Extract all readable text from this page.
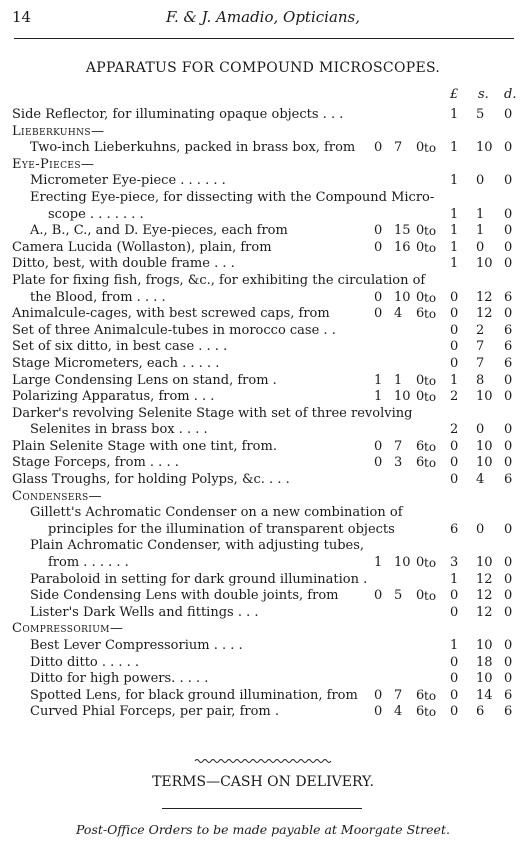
14	F. & J. Amadio, Opticians,
APPARATUS FOR COMPOUND MICROSCOPES.
£ s. d.
Side Reflector, for illuminating opaque objects . . .	1 5 0
Lieberkuhns—
Two-inch Lieberkuhns, packed in brass box, from 0 7 0 to	1 10 0
Eye-Pieces—
Micrometer Eye-piece . . . . . .	1 0 0
Erecting Eye-piece, for dissecting with the Compound Micro-
scope . . . . . . .	1 1 0
A., B., C., and D. Eye-pieces, each from	0 15 0 to	1 1 0
Camera Lucida (Wollaston), plain, from	0 16 0 to	1 0 0
Ditto, best, with double frame . . .	1 10 0
Plate for fixing fish, frogs, &c., for exhibiting the circulation of
the Blood, from . . . .	0 10 0 to	0 12 6
Animalcule-cages, with best screwed caps, from	0 4 6 to	0 12 0
Set of three Animalcule-tubes in morocco case . .	0 2 6
Set of six ditto, in best case . . . .	0 7 6
Stage Micrometers, each . . . . .	0 7 6
Large Condensing Lens on stand, from .	1 1 0 to	1 8 0
Polarizing Apparatus, from . . .	1 10 0 to	2 10 0
Darker's revolving Selenite Stage with set of three revolving
Selenites in brass box . . . .	2 0 0
Plain Selenite Stage with one tint, from.	0 7 6 to	0 10 0
Stage Forceps, from . . . .	0 3 6 to	0 10 0
Glass Troughs, for holding Polyps, &c. . . .	0 4 6
Condensers—
Gillett's Achromatic Condenser on a new combination of
principles for the illumination of transparent objects	6 0 0
Plain Achromatic Condenser, with adjusting tubes,
from . . . . . .	1 10 0 to	3 10 0
Paraboloid in setting for dark ground illumination .	1 12 0
Side Condensing Lens with double joints, from	0 5 0 to	0 12 0
Lister's Dark Wells and fittings . . .	0 12 0
Compressorium—
Best Lever Compressorium . . . .	1 10 0
Ditto ditto . . . . .	0 18 0
Ditto for high powers. . . . .	0 10 0
Spotted Lens, for black ground illumination, from 0 7 6 to	0 14 6
Curved Phial Forceps, per pair, from .	0 4 6 to	0 6 6
TERMS—CASH ON DELIVERY.
Post-Office Orders to be made payable at Moorgate Street.
